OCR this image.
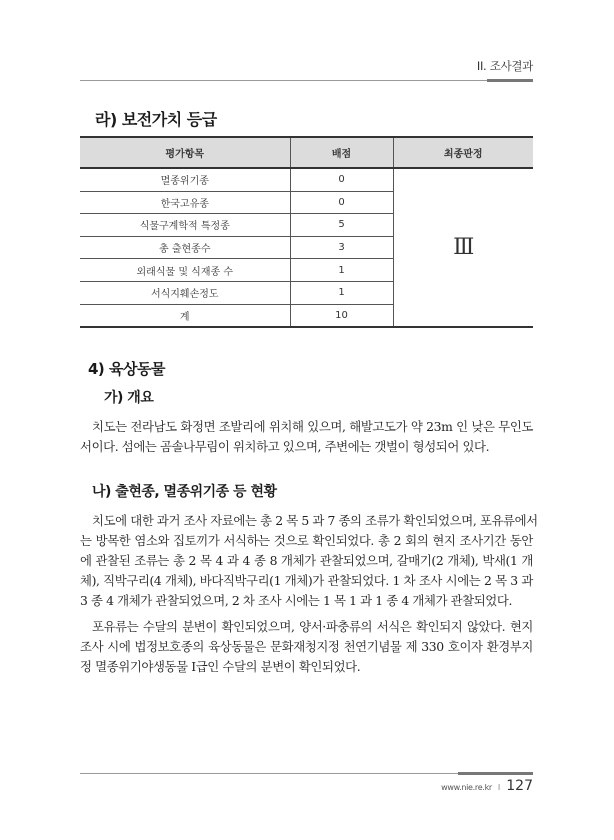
II. 조사결과
라) 보전가치 등급
평가항목	배점	최종판정
멸종위기종	0	Ⅲ
한국고유종	0	
식물구계학적 특정종	5	
총 출현종수	3	
외래식물 및 식재종 수	1	
서식지훼손정도	1	
계	10	
4) 육상동물
가) 개요
치도는 전라남도 화정면 조발리에 위치해 있으며, 해발고도가 약 23m 인 낮은 무인도
서이다. 섬에는 곰솔나무림이 위치하고 있으며, 주변에는 갯벌이 형성되어 있다.
나) 출현종, 멸종위기종 등 현황
치도에 대한 과거 조사 자료에는 총 2 목 5 과 7 종의 조류가 확인되었으며, 포유류에서
는 방목한 염소와 집토끼가 서식하는 것으로 확인되었다. 총 2 회의 현지 조사기간 동안
에 관찰된 조류는 총 2 목 4 과 4 종 8 개체가 관찰되었으며, 갈매기(2 개체), 박새(1 개
체), 직박구리(4 개체), 바다직박구리(1 개체)가 관찰되었다. 1 차 조사 시에는 2 목 3 과
3 종 4 개체가 관찰되었으며, 2 차 조사 시에는 1 목 1 과 1 종 4 개체가 관찰되었다.
포유류는 수달의 분변이 확인되었으며, 양서·파충류의 서식은 확인되지 않았다. 현지
조사 시에 법정보호종의 육상동물은 문화재청지정 천연기념물 제 330 호이자 환경부지
정 멸종위기야생동물 Ⅰ급인 수달의 분변이 확인되었다.
www.nie.re.kr I 127
